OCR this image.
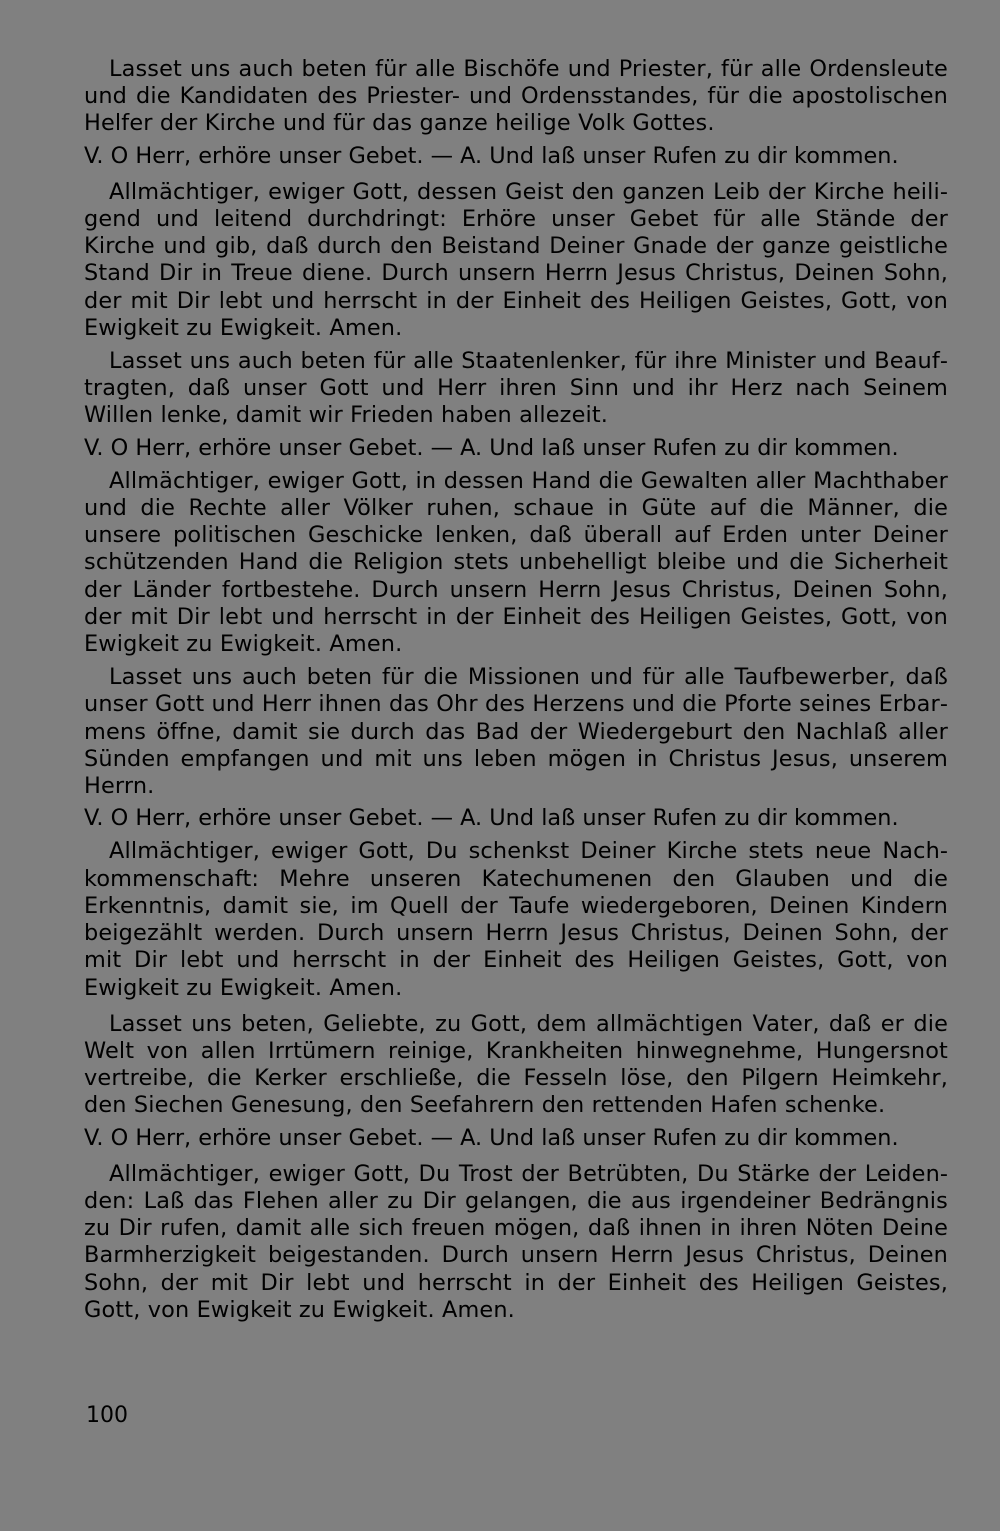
Lasset uns auch beten für alle Bischöfe und Priester, für alle Ordensleute und die Kandidaten des Priester- und Ordensstandes, für die apostolischen Helfer der Kirche und für das ganze heilige Volk Gottes.

V. O Herr, erhöre unser Gebet. — A. Und laß unser Rufen zu dir kommen.

Allmächtiger, ewiger Gott, dessen Geist den ganzen Leib der Kirche heiligend und leitend durchdringt: Erhöre unser Gebet für alle Stände der Kirche und gib, daß durch den Beistand Deiner Gnade der ganze geistliche Stand Dir in Treue diene. Durch unsern Herrn Jesus Christus, Deinen Sohn, der mit Dir lebt und herrscht in der Einheit des Heiligen Geistes, Gott, von Ewigkeit zu Ewigkeit. Amen.

Lasset uns auch beten für alle Staatenlenker, für ihre Minister und Beauftragten, daß unser Gott und Herr ihren Sinn und ihr Herz nach Seinem Willen lenke, damit wir Frieden haben allezeit.

V. O Herr, erhöre unser Gebet. — A. Und laß unser Rufen zu dir kommen.

Allmächtiger, ewiger Gott, in dessen Hand die Gewalten aller Machthaber und die Rechte aller Völker ruhen, schaue in Güte auf die Männer, die unsere politischen Geschicke lenken, daß überall auf Erden unter Deiner schützenden Hand die Religion stets unbehelligt bleibe und die Sicherheit der Länder fortbestehe. Durch unsern Herrn Jesus Christus, Deinen Sohn, der mit Dir lebt und herrscht in der Einheit des Heiligen Geistes, Gott, von Ewigkeit zu Ewigkeit. Amen.

Lasset uns auch beten für die Missionen und für alle Taufbewerber, daß unser Gott und Herr ihnen das Ohr des Herzens und die Pforte seines Erbarmens öffne, damit sie durch das Bad der Wiedergeburt den Nachlaß aller Sünden empfangen und mit uns leben mögen in Christus Jesus, unserem Herrn.

V. O Herr, erhöre unser Gebet. — A. Und laß unser Rufen zu dir kommen.

Allmächtiger, ewiger Gott, Du schenkst Deiner Kirche stets neue Nachkommenschaft: Mehre unseren Katechumenen den Glauben und die Erkenntnis, damit sie, im Quell der Taufe wiedergeboren, Deinen Kindern beigezählt werden. Durch unsern Herrn Jesus Christus, Deinen Sohn, der mit Dir lebt und herrscht in der Einheit des Heiligen Geistes, Gott, von Ewigkeit zu Ewigkeit. Amen.

Lasset uns beten, Geliebte, zu Gott, dem allmächtigen Vater, daß er die Welt von allen Irrtümern reinige, Krankheiten hinwegnehme, Hungersnot vertreibe, die Kerker erschließe, die Fesseln löse, den Pilgern Heimkehr, den Siechen Genesung, den Seefahrern den rettenden Hafen schenke.

V. O Herr, erhöre unser Gebet. — A. Und laß unser Rufen zu dir kommen.

Allmächtiger, ewiger Gott, Du Trost der Betrübten, Du Stärke der Leidenden: Laß das Flehen aller zu Dir gelangen, die aus irgendeiner Bedrängnis zu Dir rufen, damit alle sich freuen mögen, daß ihnen in ihren Nöten Deine Barmherzigkeit beigestanden. Durch unsern Herrn Jesus Christus, Deinen Sohn, der mit Dir lebt und herrscht in der Einheit des Heiligen Geistes, Gott, von Ewigkeit zu Ewigkeit. Amen.

100
